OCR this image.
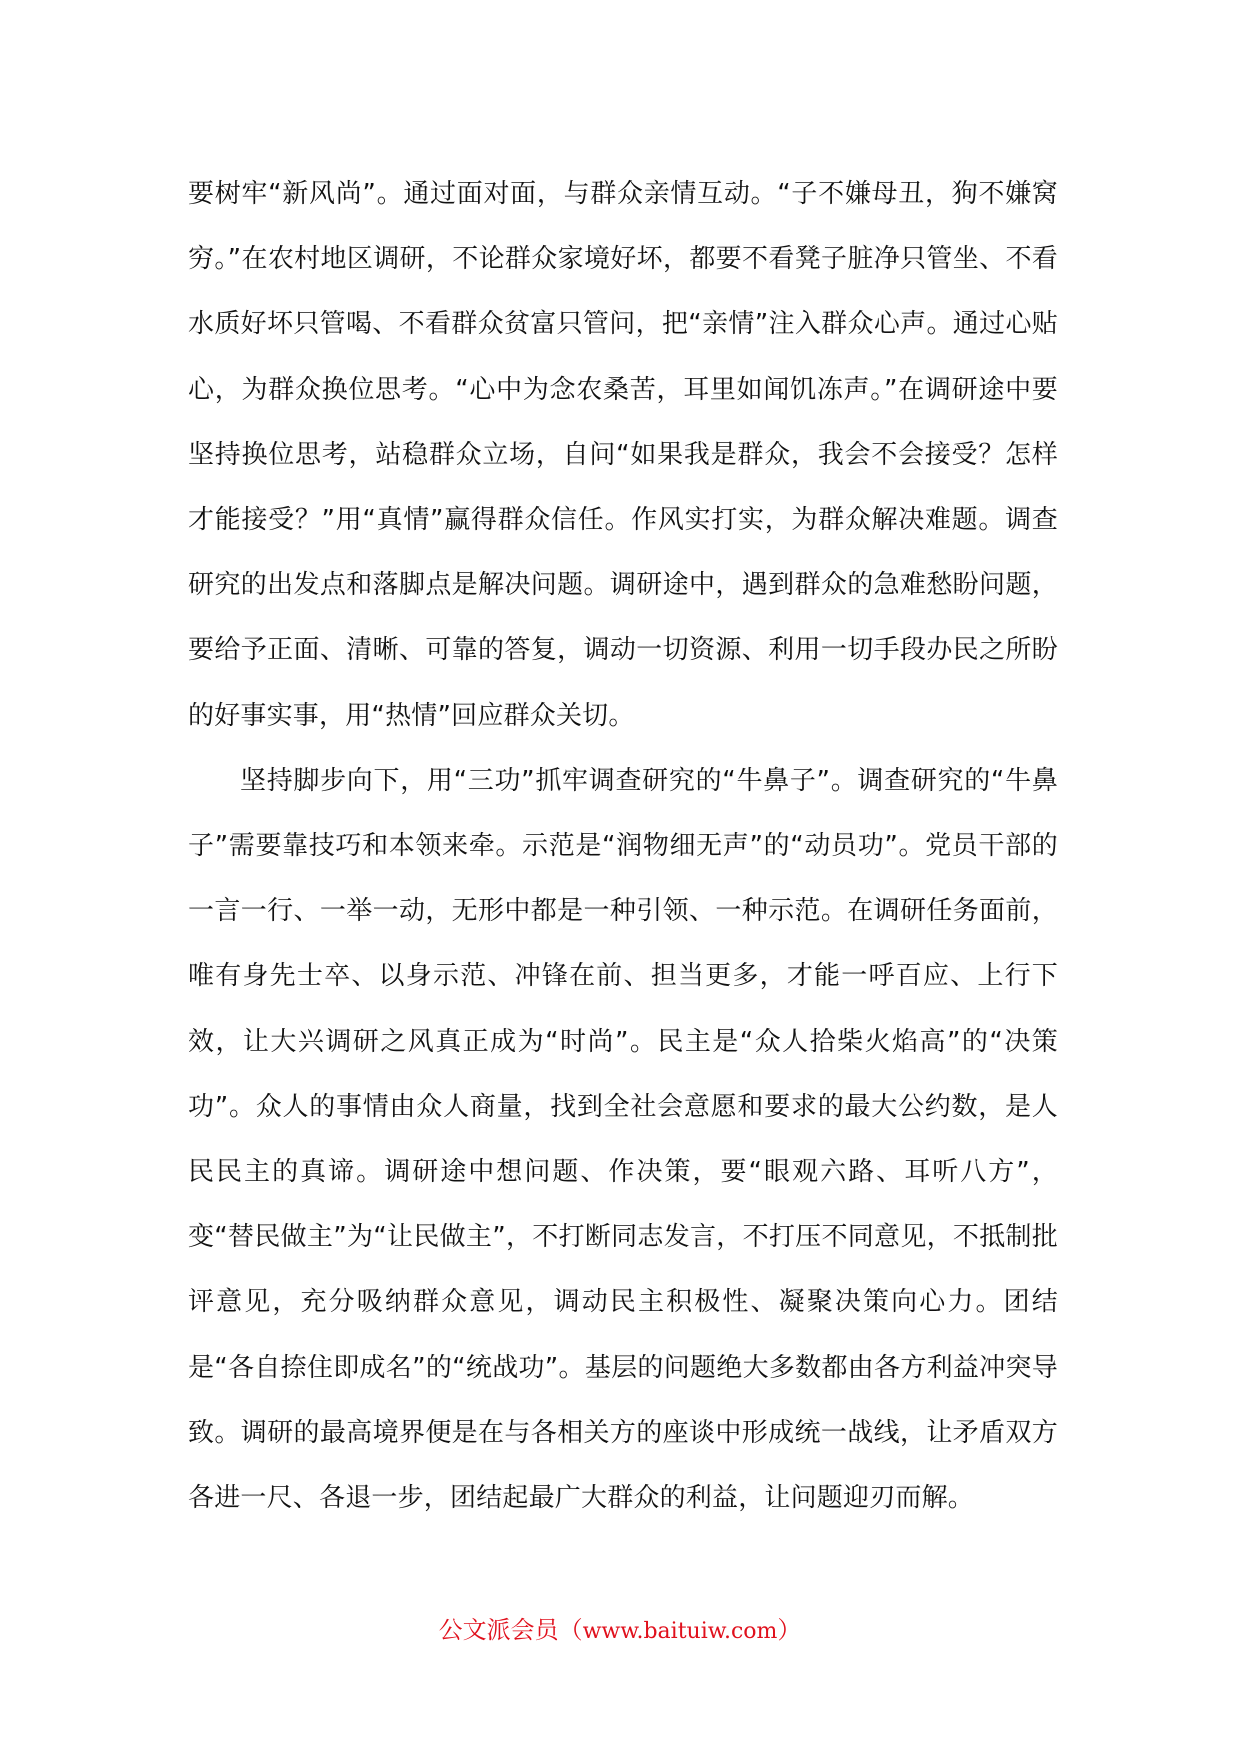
要树牢“新风尚”。通过面对面，与群众亲情互动。“子不嫌母丑，狗不嫌窝穷。”在农村地区调研，不论群众家境好坏，都要不看凳子脏净只管坐、不看水质好坏只管喝、不看群众贫富只管问，把“亲情”注入群众心声。通过心贴心，为群众换位思考。“心中为念农桑苦，耳里如闻饥冻声。”在调研途中要坚持换位思考，站稳群众立场，自问“如果我是群众，我会不会接受？怎样才能接受？”用“真情”赢得群众信任。作风实打实，为群众解决难题。调查研究的出发点和落脚点是解决问题。调研途中，遇到群众的急难愁盼问题，要给予正面、清晰、可靠的答复，调动一切资源、利用一切手段办民之所盼的好事实事，用“热情”回应群众关切。

坚持脚步向下，用“三功”抓牢调查研究的“牛鼻子”。调查研究的“牛鼻子”需要靠技巧和本领来牵。示范是“润物细无声”的“动员功”。党员干部的一言一行、一举一动，无形中都是一种引领、一种示范。在调研任务面前，唯有身先士卒、以身示范、冲锋在前、担当更多，才能一呼百应、上行下效，让大兴调研之风真正成为“时尚”。民主是“众人拾柴火焰高”的“决策功”。众人的事情由众人商量，找到全社会意愿和要求的最大公约数，是人民民主的真谛。调研途中想问题、作决策，要“眼观六路、耳听八方”，变“替民做主”为“让民做主”，不打断同志发言，不打压不同意见，不抵制批评意见，充分吸纳群众意见，调动民主积极性、凝聚决策向心力。团结是“各自捺住即成名”的“统战功”。基层的问题绝大多数都由各方利益冲突导致。调研的最高境界便是在与各相关方的座谈中形成统一战线，让矛盾双方各进一尺、各退一步，团结起最广大群众的利益，让问题迎刃而解。

公文派会员（www.baituiw.com）
